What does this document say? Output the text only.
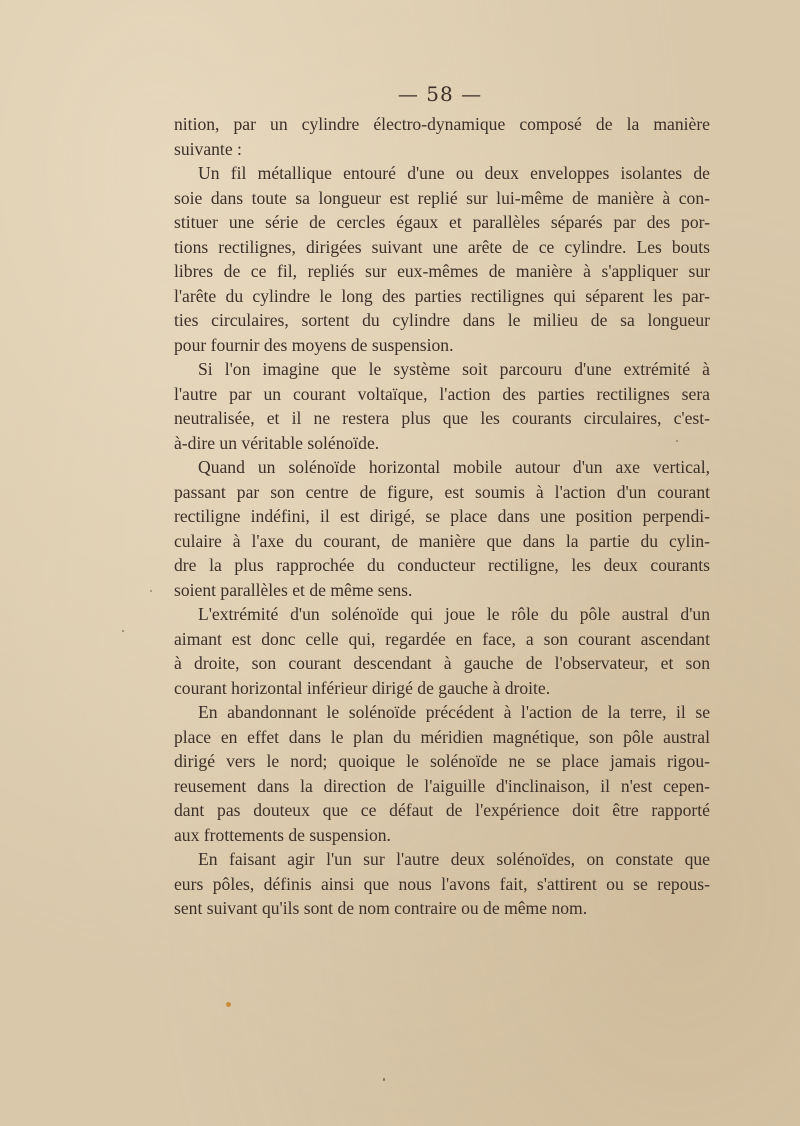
— 58 —
nition, par un cylindre électro-dynamique composé de la manière
suivante :
Un fil métallique entouré d'une ou deux enveloppes isolantes de
soie dans toute sa longueur est replié sur lui-même de manière à con-
stituer une série de cercles égaux et parallèles séparés par des por-
tions rectilignes, dirigées suivant une arête de ce cylindre. Les bouts
libres de ce fil, repliés sur eux-mêmes de manière à s'appliquer sur
l'arête du cylindre le long des parties rectilignes qui séparent les par-
ties circulaires, sortent du cylindre dans le milieu de sa longueur
pour fournir des moyens de suspension.
Si l'on imagine que le système soit parcouru d'une extrémité à
l'autre par un courant voltaïque, l'action des parties rectilignes sera
neutralisée, et il ne restera plus que les courants circulaires, c'est-
à-dire un véritable solénoïde.
Quand un solénoïde horizontal mobile autour d'un axe vertical,
passant par son centre de figure, est soumis à l'action d'un courant
rectiligne indéfini, il est dirigé, se place dans une position perpendi-
culaire à l'axe du courant, de manière que dans la partie du cylin-
dre la plus rapprochée du conducteur rectiligne, les deux courants
soient parallèles et de même sens.
L'extrémité d'un solénoïde qui joue le rôle du pôle austral d'un
aimant est donc celle qui, regardée en face, a son courant ascendant
à droite, son courant descendant à gauche de l'observateur, et son
courant horizontal inférieur dirigé de gauche à droite.
En abandonnant le solénoïde précédent à l'action de la terre, il se
place en effet dans le plan du méridien magnétique, son pôle austral
dirigé vers le nord; quoique le solénoïde ne se place jamais rigou-
reusement dans la direction de l'aiguille d'inclinaison, il n'est cepen-
dant pas douteux que ce défaut de l'expérience doit être rapporté
aux frottements de suspension.
En faisant agir l'un sur l'autre deux solénoïdes, on constate que
eurs pôles, définis ainsi que nous l'avons fait, s'attirent ou se repous-
sent suivant qu'ils sont de nom contraire ou de même nom.
